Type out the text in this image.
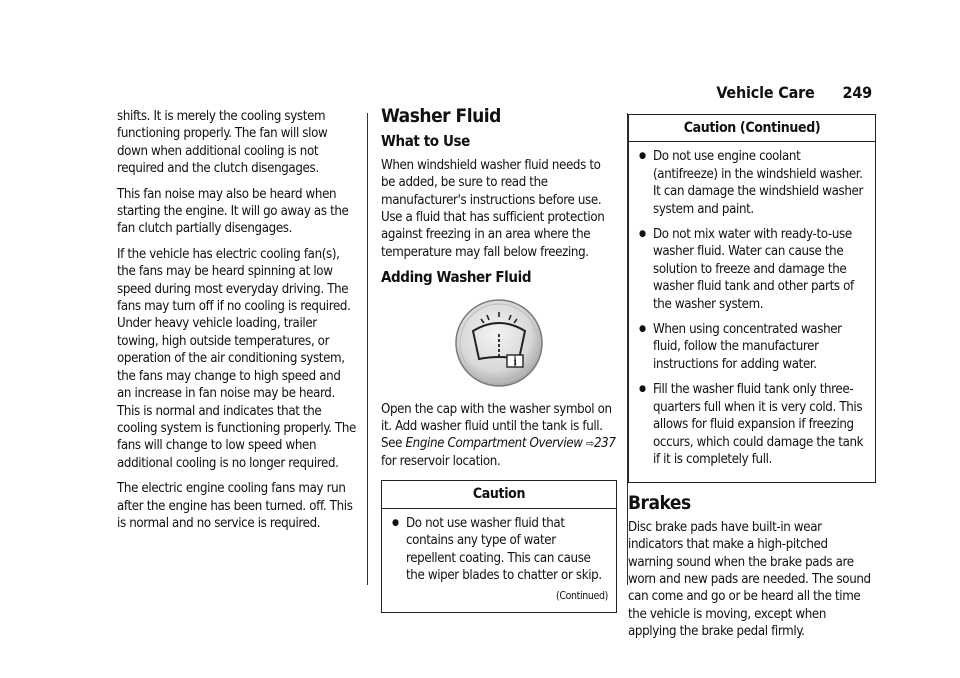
Vehicle Care 249

shifts. It is merely the cooling system functioning properly. The fan will slow down when additional cooling is not required and the clutch disengages.

This fan noise may also be heard when starting the engine. It will go away as the fan clutch partially disengages.

If the vehicle has electric cooling fan(s), the fans may be heard spinning at low speed during most everyday driving. The fans may turn off if no cooling is required. Under heavy vehicle loading, trailer towing, high outside temperatures, or operation of the air conditioning system, the fans may change to high speed and an increase in fan noise may be heard. This is normal and indicates that the cooling system is functioning properly. The fans will change to low speed when additional cooling is no longer required.

The electric engine cooling fans may run after the engine has been turned. off. This is normal and no service is required.

Washer Fluid
What to Use

When windshield washer fluid needs to be added, be sure to read the manufacturer's instructions before use. Use a fluid that has sufficient protection against freezing in an area where the temperature may fall below freezing.

Adding Washer Fluid
i

Open the cap with the washer symbol on it. Add washer fluid until the tank is full. See Engine Compartment Overview ⇨237 for reservoir location.

Caution
● Do not use washer fluid that contains any type of water repellent coating. This can cause the wiper blades to chatter or skip.
(Continued)
Caution (Continued)
● Do not use engine coolant (antifreeze) in the windshield washer. It can damage the windshield washer system and paint.
● Do not mix water with ready-to-use washer fluid. Water can cause the solution to freeze and damage the washer fluid tank and other parts of the washer system.
● When using concentrated washer fluid, follow the manufacturer instructions for adding water.
● Fill the washer fluid tank only three-quarters full when it is very cold. This allows for fluid expansion if freezing occurs, which could damage the tank if it is completely full.
Brakes

Disc brake pads have built-in wear indicators that make a high-pitched warning sound when the brake pads are worn and new pads are needed. The sound can come and go or be heard all the time the vehicle is moving, except when applying the brake pedal firmly.
